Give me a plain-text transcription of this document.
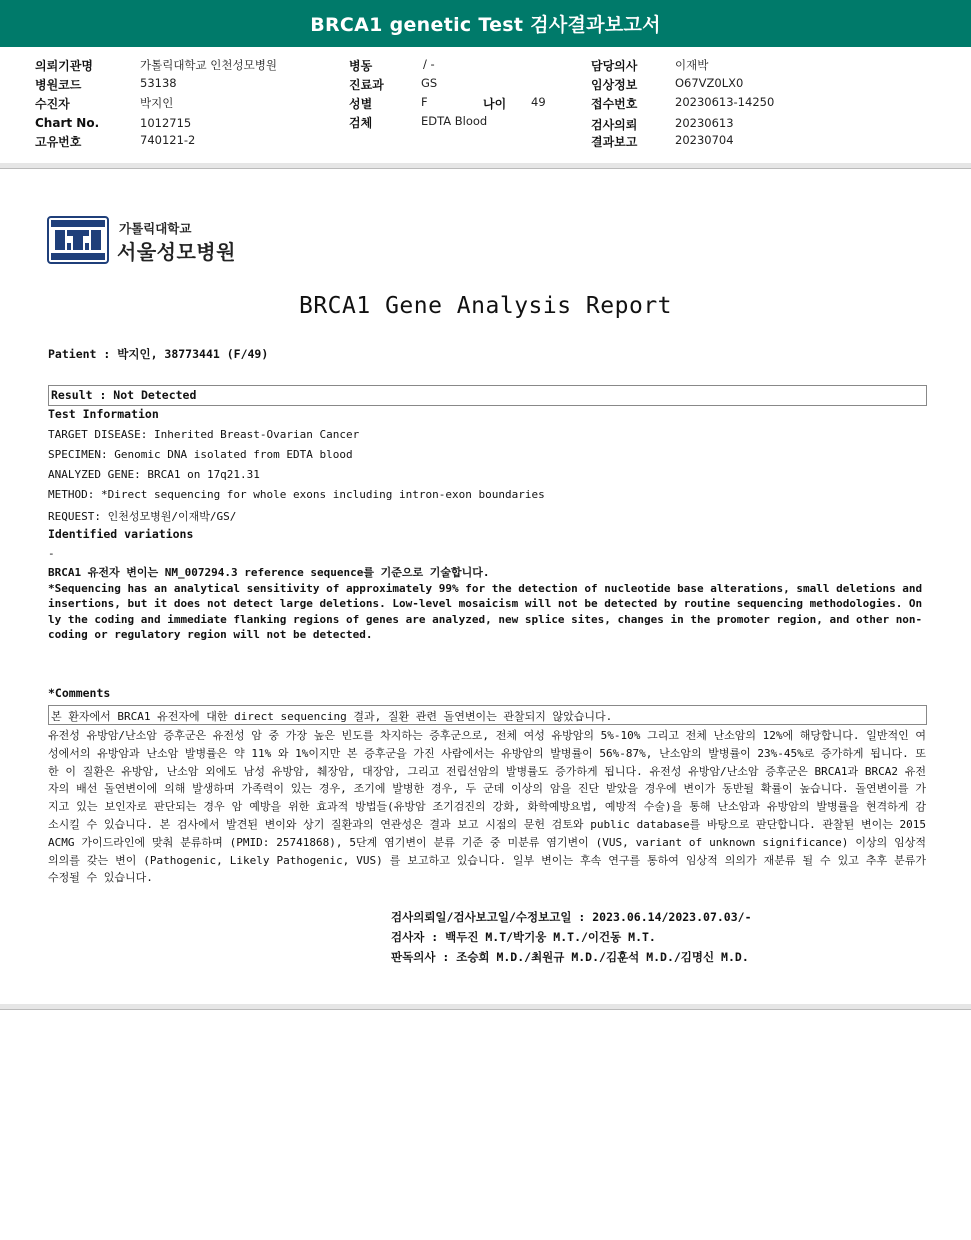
BRCA1 genetic Test 검사결과보고서
의뢰기관명	가톨릭대학교 인천성모병원
병원코드	53138
수진자	박지인
Chart No.	1012715
고유번호	740121-2
병동	/ -
진료과	GS
성별	F	나이 49
검체	EDTA Blood
담당의사	이재박
임상정보	O67VZ0LX0
접수번호	20230613-14250
검사의뢰	20230613
결과보고	20230704
가톨릭대학교
서울성모병원
BRCA1 Gene Analysis Report
Patient : 박지인, 38773441 (F/49)
Result : Not Detected
Test Information
TARGET DISEASE: Inherited Breast-Ovarian Cancer
SPECIMEN: Genomic DNA isolated from EDTA blood
ANALYZED GENE: BRCA1 on 17q21.31
METHOD: *Direct sequencing for whole exons including intron-exon boundaries
REQUEST: 인천성모병원/이재박/GS/
Identified variations
-
BRCA1 유전자 변이는 NM_007294.3 reference sequence를 기준으로 기술합니다.
*Sequencing has an analytical sensitivity of approximately 99% for the detection of nucleotide base alterations, small deletions and insertions, but it does not detect large deletions. Low-level mosaicism will not be detected by routine sequencing methodologies. Only the coding and immediate flanking regions of genes are analyzed, new splice sites, changes in the promoter region, and other non-coding or regulatory region will not be detected.
*Comments
본 환자에서 BRCA1 유전자에 대한 direct sequencing 결과, 질환 관련 돌연변이는 관찰되지 않았습니다.
유전성 유방암/난소암 증후군은 유전성 암 중 가장 높은 빈도를 차지하는 증후군으로, 전체 여성 유방암의 5%-10% 그리고 전체 난소암의 12%에 해당합니다. 일반적인 여성에서의 유방암과 난소암 발병률은 약 11% 와 1%이지만 본 증후군을 가진 사람에서는 유방암의 발병률이 56%-87%, 난소암의 발병률이 23%-45%로 증가하게 됩니다. 또한 이 질환은 유방암, 난소암 외에도 남성 유방암, 췌장암, 대장암, 그리고 전립선암의 발병률도 증가하게 됩니다. 유전성 유방암/난소암 증후군은 BRCA1과 BRCA2 유전자의 배선 돌연변이에 의해 발생하며 가족력이 있는 경우, 조기에 발병한 경우, 두 군데 이상의 암을 진단 받았을 경우에 변이가 동반될 확률이 높습니다. 돌연변이를 가지고 있는 보인자로 판단되는 경우 암 예방을 위한 효과적 방법들(유방암 조기검진의 강화, 화학예방요법, 예방적 수술)을 통해 난소암과 유방암의 발병률을 현격하게 감소시킬 수 있습니다. 본 검사에서 발견된 변이와 상기 질환과의 연관성은 결과 보고 시점의 문헌 검토와 public database를 바탕으로 판단합니다. 관찰된 변이는 2015 ACMG 가이드라인에 맞춰 분류하며 (PMID: 25741868), 5단계 염기변이 분류 기준 중 미분류 염기변이 (VUS, variant of unknown significance) 이상의 임상적 의의를 갖는 변이 (Pathogenic, Likely Pathogenic, VUS) 를 보고하고 있습니다. 일부 변이는 후속 연구를 통하여 임상적 의의가 재분류 될 수 있고 추후 분류가 수정될 수 있습니다.
검사의뢰일/검사보고일/수정보고일 : 2023.06.14/2023.07.03/-
검사자 : 백두진 M.T/박기웅 M.T./이건동 M.T.
판독의사 : 조승희 M.D./최원규 M.D./김훈석 M.D./김명신 M.D.
